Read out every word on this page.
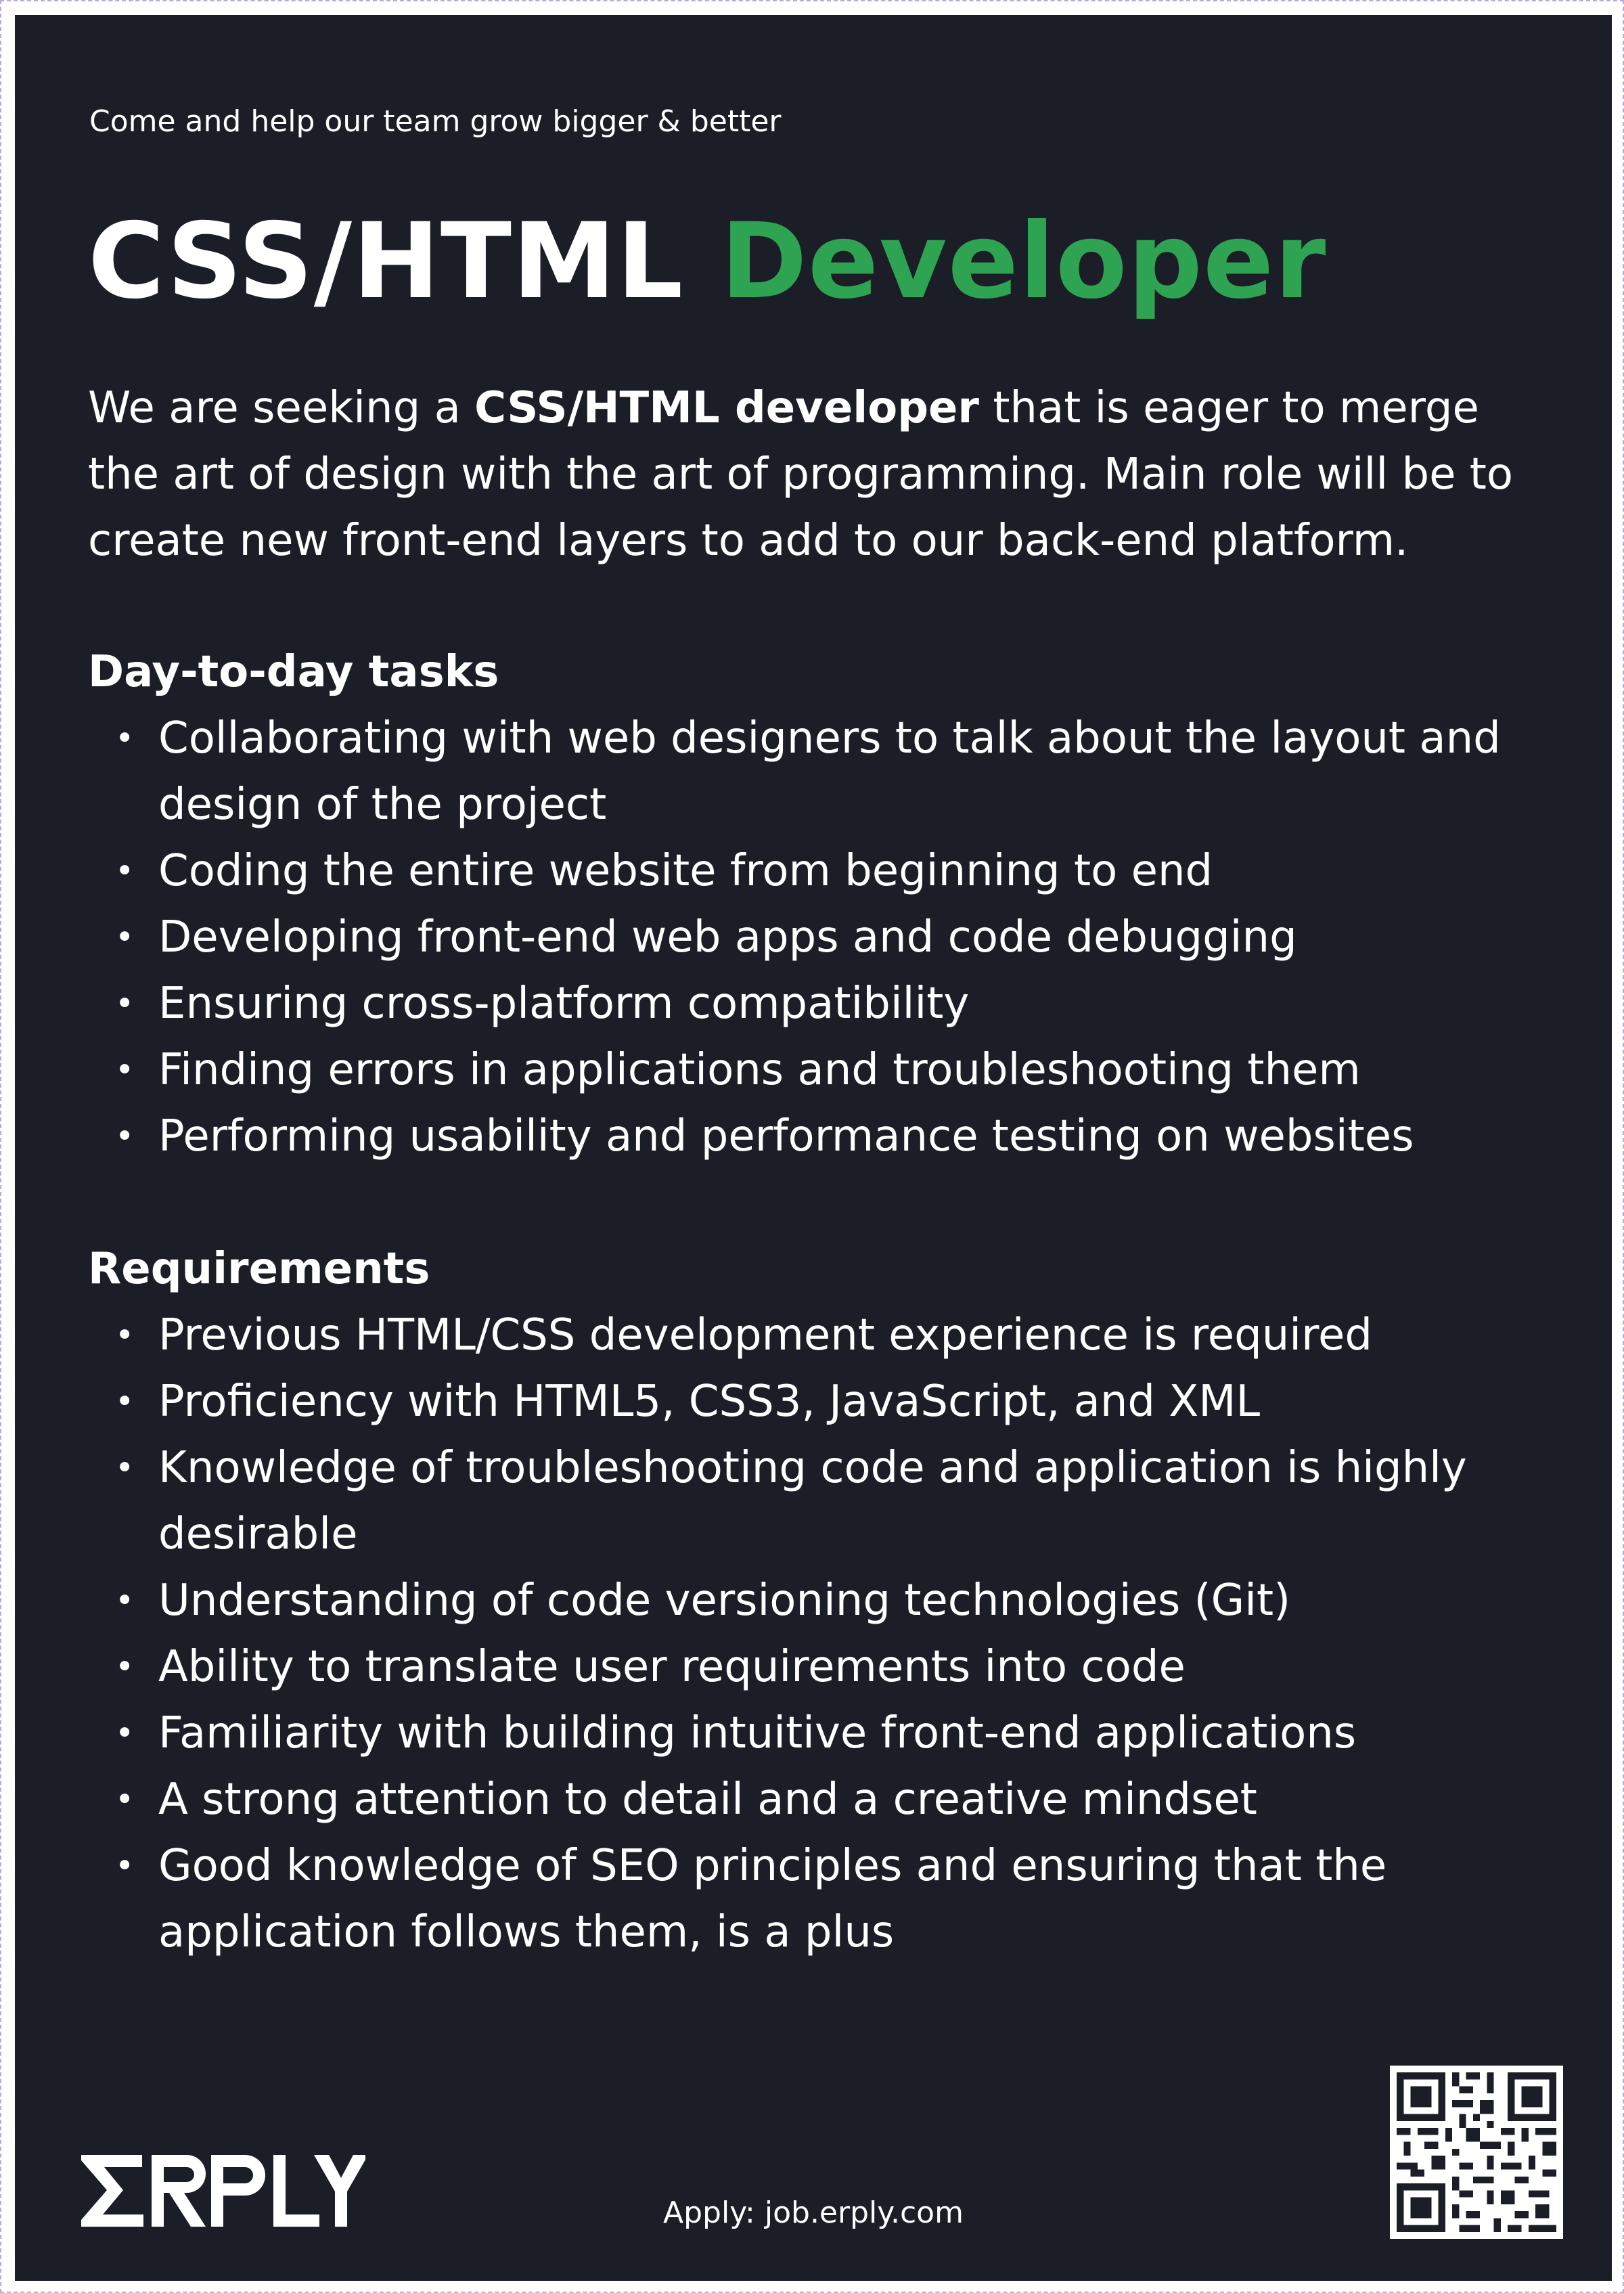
Come and help our team grow bigger & better
CSS/HTML Developer
We are seeking a CSS/HTML developer that is eager to merge the art of design with the art of programming. Main role will be to create new front-end layers to add to our back-end platform.
Day-to-day tasks
• Collaborating with web designers to talk about the layout and design of the project
• Coding the entire website from beginning to end
• Developing front-end web apps and code debugging
• Ensuring cross-platform compatibility
• Finding errors in applications and troubleshooting them
• Performing usability and performance testing on websites
Requirements
• Previous HTML/CSS development experience is required
• Proficiency with HTML5, CSS3, JavaScript, and XML
• Knowledge of troubleshooting code and application is highly desirable
• Understanding of code versioning technologies (Git)
• Ability to translate user requirements into code
• Familiarity with building intuitive front-end applications
• A strong attention to detail and a creative mindset
• Good knowledge of SEO principles and ensuring that the application follows them, is a plus
Apply: job.erply.com
